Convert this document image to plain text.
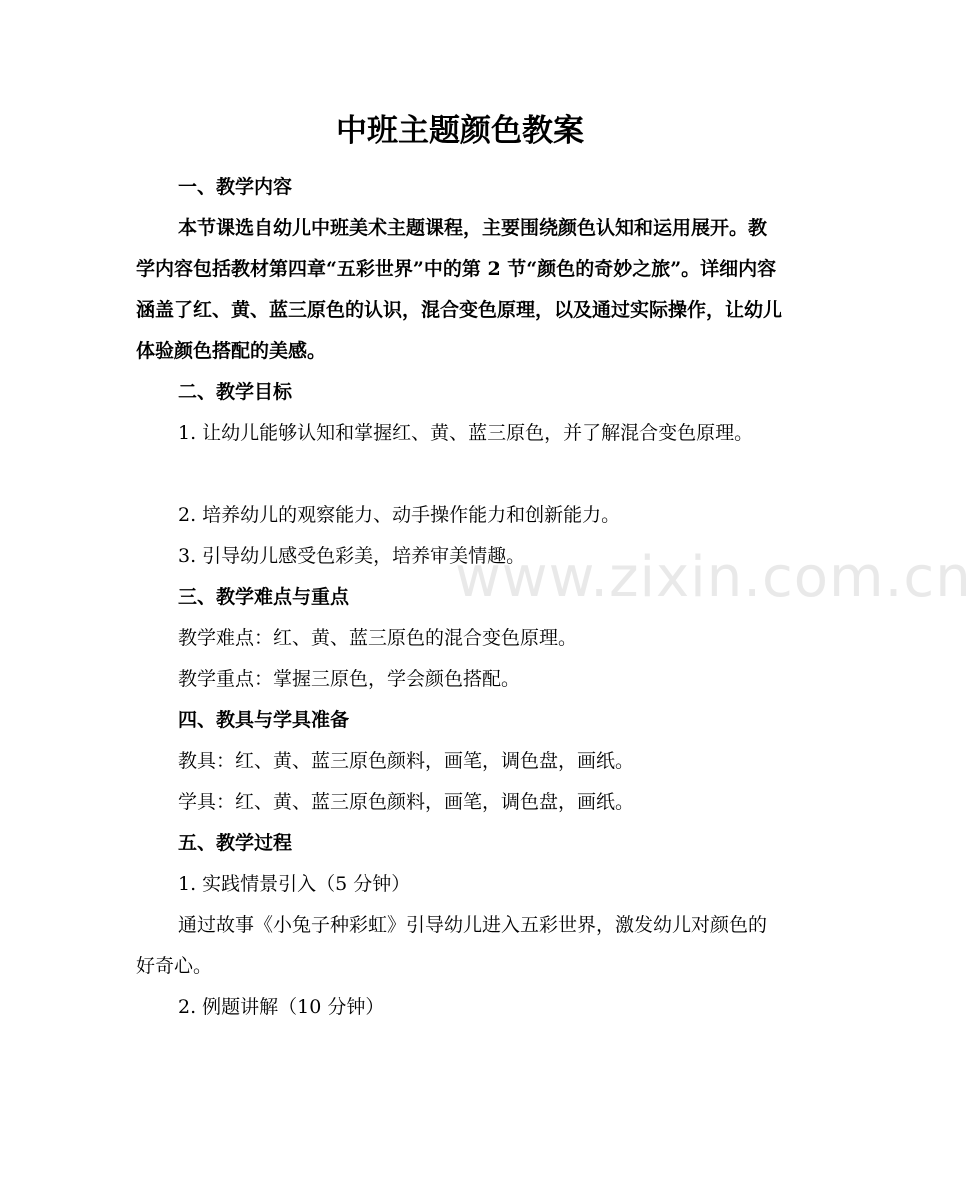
中班主题颜色教案

一、教学内容

本节课选自幼儿中班美术主题课程，主要围绕颜色认知和运用展开。教学内容包括教材第四章“五彩世界”中的第 2 节“颜色的奇妙之旅”。详细内容涵盖了红、黄、蓝三原色的认识，混合变色原理，以及通过实际操作，让幼儿体验颜色搭配的美感。

二、教学目标

1. 让幼儿能够认知和掌握红、黄、蓝三原色，并了解混合变色原理。

2. 培养幼儿的观察能力、动手操作能力和创新能力。

3. 引导幼儿感受色彩美，培养审美情趣。

三、教学难点与重点

教学难点：红、黄、蓝三原色的混合变色原理。

教学重点：掌握三原色，学会颜色搭配。

四、教具与学具准备

教具：红、黄、蓝三原色颜料，画笔，调色盘，画纸。

学具：红、黄、蓝三原色颜料，画笔，调色盘，画纸。

五、教学过程

1. 实践情景引入（5 分钟）

通过故事《小兔子种彩虹》引导幼儿进入五彩世界，激发幼儿对颜色的好奇心。

2. 例题讲解（10 分钟）

www.zixin.com.cn
